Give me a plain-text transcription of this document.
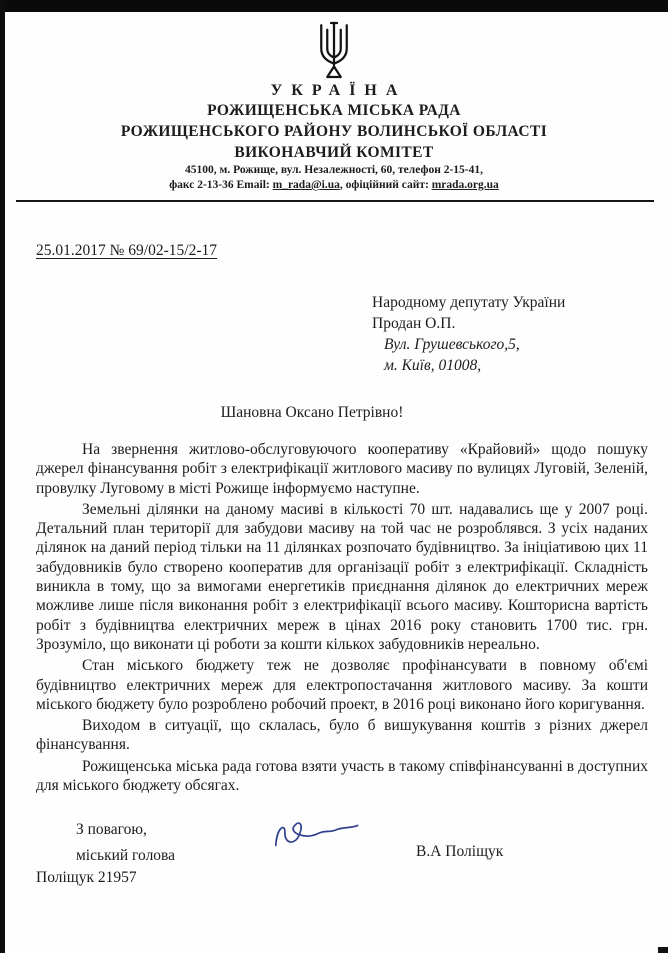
УКРАЇНА
РОЖИЩЕНСЬКА МІСЬКА РАДА
РОЖИЩЕНСЬКОГО РАЙОНУ ВОЛИНСЬКОЇ ОБЛАСТІ
ВИКОНАВЧИЙ КОМІТЕТ
45100, м. Рожище, вул. Незалежності, 60, телефон 2-15-41,
факс 2-13-36 Email: m_rada@i.ua, офіційний сайт: mrada.org.ua
25.01.2017 № 69/02-15/2-17
Народному депутату України
Продан О.П.
Вул. Грушевського,5,
м. Київ, 01008,
Шановна Оксано Петрівно!

На звернення житлово-обслуговуючого кооперативу «Крайовий» щодо пошуку джерел фінансування робіт з електрифікації житлового масиву по вулицях Луговій, Зеленій, провулку Луговому в місті Рожище інформуємо наступне.

Земельні ділянки на даному масиві в кількості 70 шт. надавались ще у 2007 році. Детальний план території для забудови масиву на той час не розроблявся. З усіх наданих ділянок на даний період тільки на 11 ділянках розпочато будівництво. За ініціативою цих 11 забудовників було створено кооператив для організації робіт з електрифікації. Складність виникла в тому, що за вимогами енергетиків приєднання ділянок до електричних мереж можливе лише після виконання робіт з електрифікації всього масиву. Кошторисна вартість робіт з будівництва електричних мереж в цінах 2016 року становить 1700 тис. грн. Зрозуміло, що виконати ці роботи за кошти кількох забудовників нереально.

Стан міського бюджету теж не дозволяє профінансувати в повному об'ємі будівництво електричних мереж для електропостачання житлового масиву. За кошти міського бюджету було розроблено робочий проект, в 2016 році виконано його коригування.

Виходом в ситуації, що склалась, було б вишукування коштів з різних джерел фінансування.

Рожищенська міська рада готова взяти участь в такому співфінансуванні в доступних для міського бюджету обсягах.

З повагою,
міський голова	В.А Поліщук
Поліщук 21957
